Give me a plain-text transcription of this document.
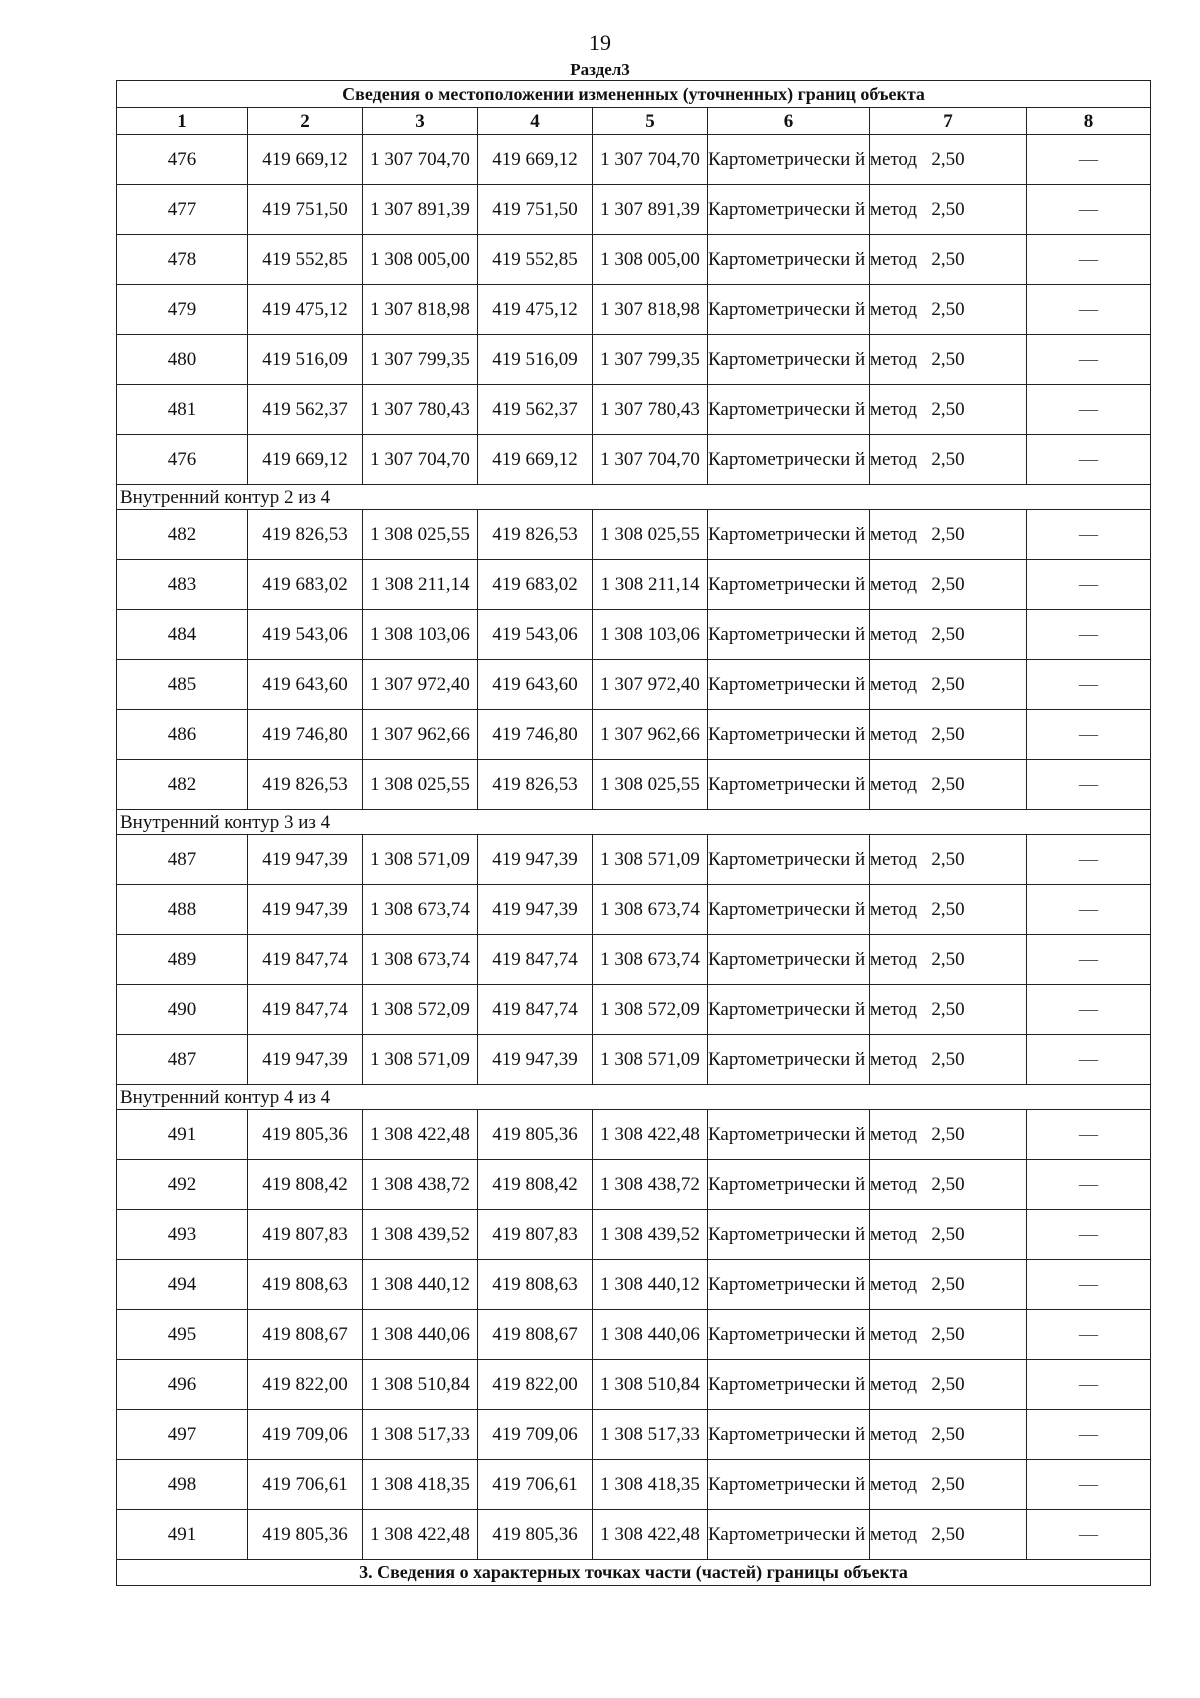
19
Раздел3
Сведения о местоположении измененных (уточненных) границ объекта							
1	2	3	4	5	6	7	8
476	419 669,12	1 307 704,70	419 669,12	1 307 704,70	Картометрически й метод	2,50	—
477	419 751,50	1 307 891,39	419 751,50	1 307 891,39	Картометрически й метод	2,50	—
478	419 552,85	1 308 005,00	419 552,85	1 308 005,00	Картометрически й метод	2,50	—
479	419 475,12	1 307 818,98	419 475,12	1 307 818,98	Картометрически й метод	2,50	—
480	419 516,09	1 307 799,35	419 516,09	1 307 799,35	Картометрически й метод	2,50	—
481	419 562,37	1 307 780,43	419 562,37	1 307 780,43	Картометрически й метод	2,50	—
476	419 669,12	1 307 704,70	419 669,12	1 307 704,70	Картометрически й метод	2,50	—
Внутренний контур 2 из 4							
482	419 826,53	1 308 025,55	419 826,53	1 308 025,55	Картометрически й метод	2,50	—
483	419 683,02	1 308 211,14	419 683,02	1 308 211,14	Картометрически й метод	2,50	—
484	419 543,06	1 308 103,06	419 543,06	1 308 103,06	Картометрически й метод	2,50	—
485	419 643,60	1 307 972,40	419 643,60	1 307 972,40	Картометрически й метод	2,50	—
486	419 746,80	1 307 962,66	419 746,80	1 307 962,66	Картометрически й метод	2,50	—
482	419 826,53	1 308 025,55	419 826,53	1 308 025,55	Картометрически й метод	2,50	—
Внутренний контур 3 из 4							
487	419 947,39	1 308 571,09	419 947,39	1 308 571,09	Картометрически й метод	2,50	—
488	419 947,39	1 308 673,74	419 947,39	1 308 673,74	Картометрически й метод	2,50	—
489	419 847,74	1 308 673,74	419 847,74	1 308 673,74	Картометрически й метод	2,50	—
490	419 847,74	1 308 572,09	419 847,74	1 308 572,09	Картометрически й метод	2,50	—
487	419 947,39	1 308 571,09	419 947,39	1 308 571,09	Картометрически й метод	2,50	—
Внутренний контур 4 из 4							
491	419 805,36	1 308 422,48	419 805,36	1 308 422,48	Картометрически й метод	2,50	—
492	419 808,42	1 308 438,72	419 808,42	1 308 438,72	Картометрически й метод	2,50	—
493	419 807,83	1 308 439,52	419 807,83	1 308 439,52	Картометрически й метод	2,50	—
494	419 808,63	1 308 440,12	419 808,63	1 308 440,12	Картометрически й метод	2,50	—
495	419 808,67	1 308 440,06	419 808,67	1 308 440,06	Картометрически й метод	2,50	—
496	419 822,00	1 308 510,84	419 822,00	1 308 510,84	Картометрически й метод	2,50	—
497	419 709,06	1 308 517,33	419 709,06	1 308 517,33	Картометрически й метод	2,50	—
498	419 706,61	1 308 418,35	419 706,61	1 308 418,35	Картометрически й метод	2,50	—
491	419 805,36	1 308 422,48	419 805,36	1 308 422,48	Картометрически й метод	2,50	—
3. Сведения о характерных точках части (частей) границы объекта							
